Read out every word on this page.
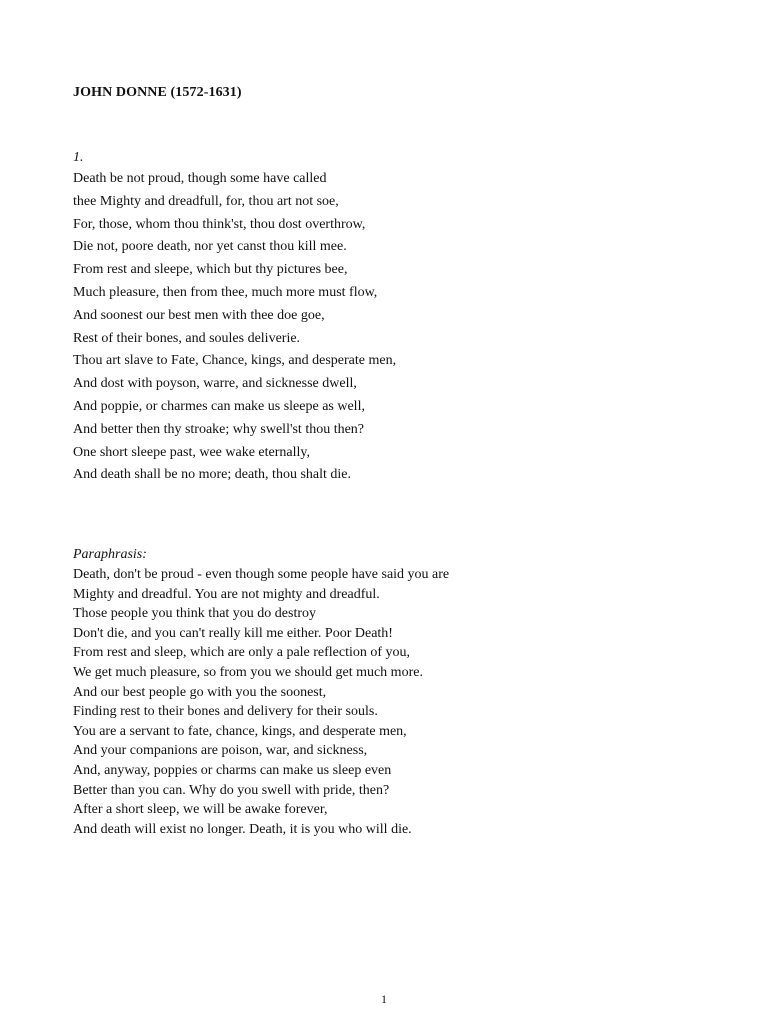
JOHN DONNE (1572-1631)
1.
Death be not proud, though some have called
thee Mighty and dreadfull, for, thou art not soe,
For, those, whom thou think'st, thou dost overthrow,
Die not, poore death, nor yet canst thou kill mee.
From rest and sleepe, which but thy pictures bee,
Much pleasure, then from thee, much more must flow,
And soonest our best men with thee doe goe,
Rest of their bones, and soules deliverie.
Thou art slave to Fate, Chance, kings, and desperate men,
And dost with poyson, warre, and sicknesse dwell,
And poppie, or charmes can make us sleepe as well,
And better then thy stroake; why swell'st thou then?
One short sleepe past, wee wake eternally,
And death shall be no more; death, thou shalt die.
Paraphrasis:
Death, don't be proud - even though some people have said you are
Mighty and dreadful. You are not mighty and dreadful.
Those people you think that you do destroy
Don't die, and you can't really kill me either. Poor Death!
From rest and sleep, which are only a pale reflection of you,
We get much pleasure, so from you we should get much more.
And our best people go with you the soonest,
Finding rest to their bones and delivery for their souls.
You are a servant to fate, chance, kings, and desperate men,
And your companions are poison, war, and sickness,
And, anyway, poppies or charms can make us sleep even
Better than you can. Why do you swell with pride, then?
After a short sleep, we will be awake forever,
And death will exist no longer. Death, it is you who will die.
1
